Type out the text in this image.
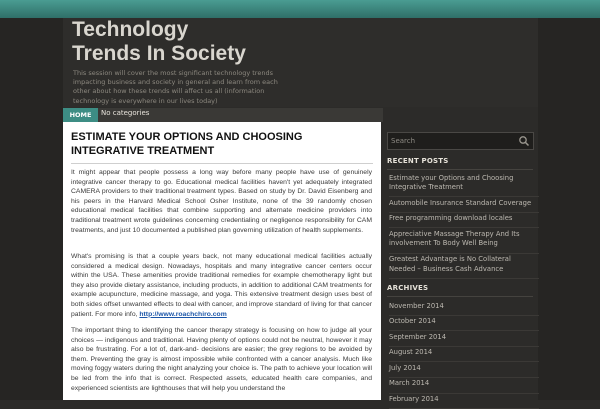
Technology
Trends In Society
This session will cover the most significant technology trends impacting business and society in general and learn from each other about how these trends will affect us all (information technology is everywhere in our lives today)
HOME	No categories
ESTIMATE YOUR OPTIONS AND CHOOSING INTEGRATIVE TREATMENT

It might appear that people possess a long way before many people have use of genuinely integrative cancer therapy to go. Educational medical facilities haven't yet adequately integrated CAMERA providers to their traditional treatment types. Based on study by Dr. David Eisenberg and his peers in the Harvard Medical School Osher Institute, none of the 39 randomly chosen educational medical facilities that combine supporting and alternate medicine providers into traditional treatment wrote guidelines concerning credentialing or negligence responsibility for CAM treatments, and just 10 documented a published plan governing utilization of health supplements.

What's promising is that a couple years back, not many educational medical facilities actually considered a medical design. Nowadays, hospitals and many integrative cancer centers occur within the USA. These amenities provide traditional remedies for example chemotherapy light but they also provide dietary assistance, including products, in addition to additional CAM treatments for example acupuncture, medicine massage, and yoga. This extensive treatment design uses best of both sides offset unwanted effects to deal with cancer, and improve standard of living for that cancer patient. For more info, http://www.roachchiro.com

The important thing to identifying the cancer therapy strategy is focusing on how to judge all your choices — indigenous and traditional. Having plenty of options could not be neutral, however it may also be frustrating. For a lot of, dark-and- decisions are easier; the grey regions to be avoided by them. Preventing the gray is almost impossible while confronted with a cancer analysis. Much like moving foggy waters during the night analyzing your choice is. The path to achieve your location will be led from the info that is correct. Respected assets, educated health care companies, and experienced scientists are lighthouses that will help you understand the

Search
RECENT POSTS
Estimate your Options and Choosing Integrative Treatment
Automobile Insurance Standard Coverage
Free programming download locales
Appreciative Massage Therapy And Its involvement To Body Well Being
Greatest Advantage is No Collateral Needed – Business Cash Advance
ARCHIVES
November 2014
October 2014
September 2014
August 2014
July 2014
March 2014
February 2014
